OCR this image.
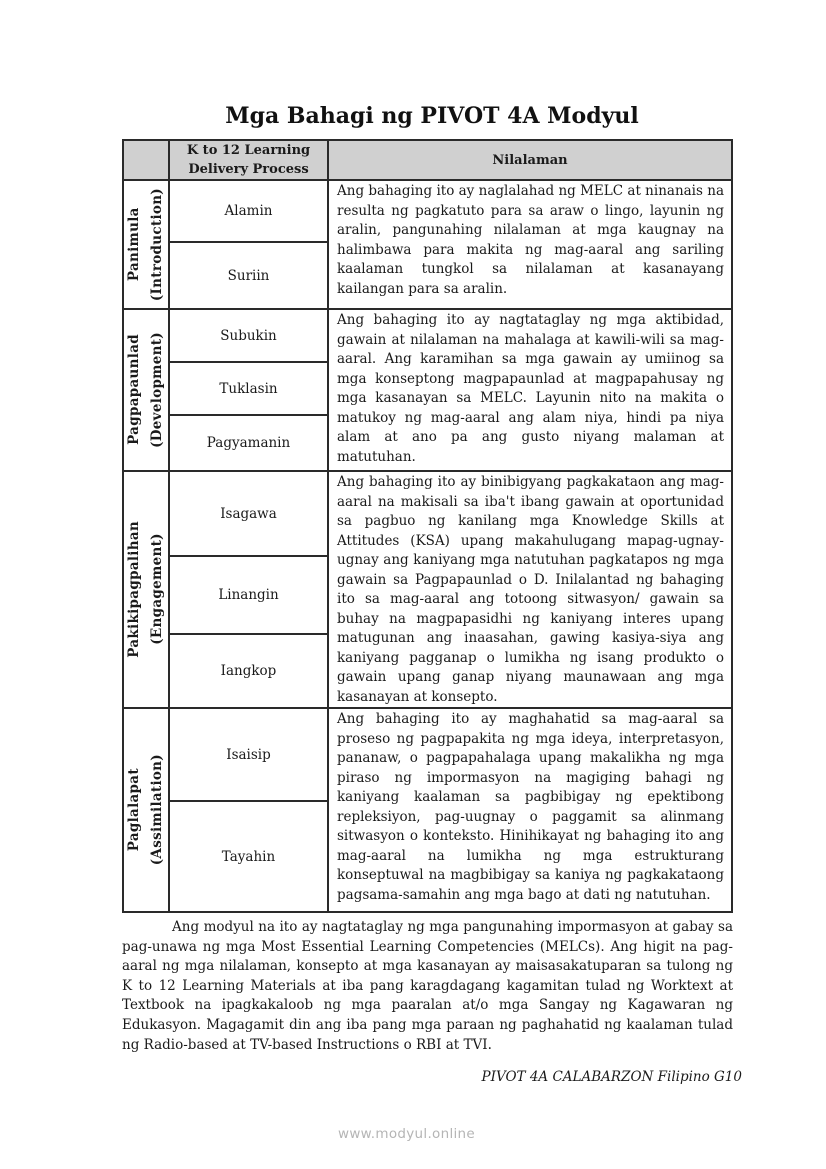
Mga Bahagi ng PIVOT 4A Modyul
	K to 12 Learning Delivery Process	Nilalaman

Panimula (Introduction)	Alamin	Ang bahaging ito ay naglalahad ng MELC at ninanais na resulta ng pagkatuto para sa araw o lingo, layunin ng aralin, pangunahing nilalaman at mga kaugnay na halimbawa para makita ng mag-aaral ang sariling kaalaman tungkol sa nilalaman at kasanayang kailangan para sa aralin.

	Suriin	

Pagpapaunlad (Development)	Subukin	Ang bahaging ito ay nagtataglay ng mga aktibidad, gawain at nilalaman na mahalaga at kawili-wili sa mag-aaral. Ang karamihan sa mga gawain ay umiinog sa mga konseptong magpapaunlad at magpapahusay ng mga kasanayan sa MELC. Layunin nito na makita o matukoy ng mag-aaral ang alam niya, hindi pa niya alam at ano pa ang gusto niyang malaman at matutuhan.

	Tuklasin	
	Pagyamanin	

Pakikipagpalihan (Engagement)	Isagawa	Ang bahaging ito ay binibigyang pagkakataon ang mag-aaral na makisali sa iba't ibang gawain at oportunidad sa pagbuo ng kanilang mga Knowledge Skills at Attitudes (KSA) upang makahulugang mapag-ugnay-ugnay ang kaniyang mga natutuhan pagkatapos ng mga gawain sa Pagpapaunlad o D. Inilalantad ng bahaging ito sa mag-aaral ang totoong sitwasyon/ gawain sa buhay na magpapasidhi ng kaniyang interes upang matugunan ang inaasahan, gawing kasiya-siya ang kaniyang pagganap o lumikha ng isang produkto o gawain upang ganap niyang maunawaan ang mga kasanayan at konsepto.

	Linangin	
	Iangkop	

Paglalapat (Assimilation)	Isaisip	Ang bahaging ito ay maghahatid sa mag-aaral sa proseso ng pagpapakita ng mga ideya, interpretasyon, pananaw, o pagpapahalaga upang makalikha ng mga piraso ng impormasyon na magiging bahagi ng kaniyang kaalaman sa pagbibigay ng epektibong repleksiyon, pag-uugnay o paggamit sa alinmang sitwasyon o konteksto. Hinihikayat ng bahaging ito ang mag-aaral na lumikha ng mga estrukturang konseptuwal na magbibigay sa kaniya ng pagkakataong pagsama-samahin ang mga bago at dati ng natutuhan.

	Tayahin	
Ang modyul na ito ay nagtataglay ng mga pangunahing impormasyon at gabay sa pag-unawa ng mga Most Essential Learning Competencies (MELCs). Ang higit na pag-aaral ng mga nilalaman, konsepto at mga kasanayan ay maisasakatuparan sa tulong ng K to 12 Learning Materials at iba pang karagdagang kagamitan tulad ng Worktext at Textbook na ipagkakaloob ng mga paaralan at/o mga Sangay ng Kagawaran ng Edukasyon. Magagamit din ang iba pang mga paraan ng paghahatid ng kaalaman tulad ng Radio-based at TV-based Instructions o RBI at TVI.
PIVOT 4A CALABARZON Filipino G10
www.modyul.online
